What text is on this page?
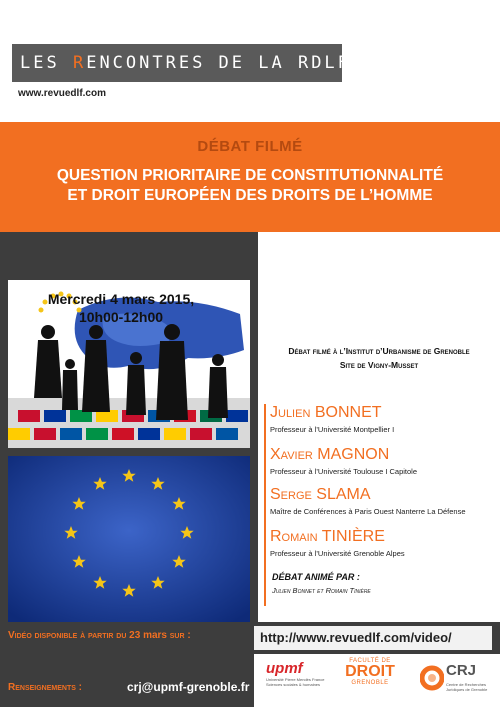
LES RENCONTRES DE LA RDLF
www.revuedlf.com
DÉBAT FILMÉ
QUESTION PRIORITAIRE DE CONSTITUTIONNALITÉ
ET DROIT EUROPÉEN DES DROITS DE L’HOMME
Mercredi 4 mars 2015,
10h00-12h00
Débat filmé à l’Institut d’Urbanisme de Grenoble
Site de Vigny-Musset
Julien BONNET
Professeur à l’Université Montpellier I
Xavier MAGNON
Professeur à l’Université Toulouse I Capitole
Serge SLAMA
Maître de Conférences à Paris Ouest Nanterre La Défense
Romain TINIÈRE
Professeur à l’Université Grenoble Alpes
DÉBAT ANIMÉ PAR :
Julien Bonnet et Romain Tinière
Vidéo disponible à partir du 23 mars sur :	http://www.revuedlf.com/video/
Renseignements :	crj@upmf-grenoble.fr
upmf
Université Pierre Mendès France Sciences sociales & humaines
FACULTÉ DE
DROIT
GRENOBLE
CRJ
Centre de Recherches Juridiques de Grenoble
